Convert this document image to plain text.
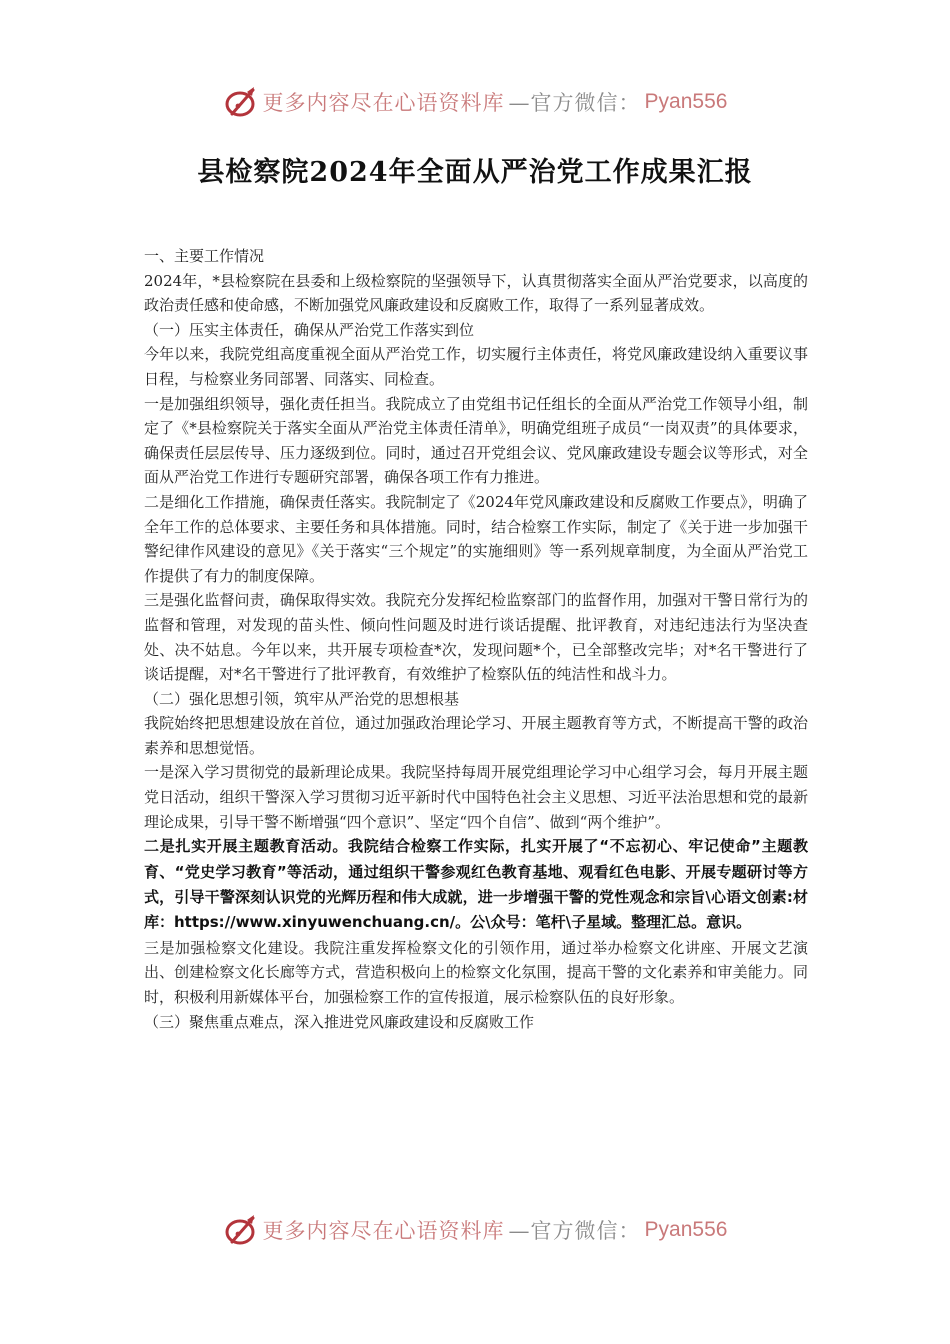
更多内容尽在心语资料库 —官方微信： Pyan556
县检察院2024年全面从严治党工作成果汇报

一、主要工作情况

2024年，*县检察院在县委和上级检察院的坚强领导下，认真贯彻落实全面从严治党要求，以高度的政治责任感和使命感，不断加强党风廉政建设和反腐败工作，取得了一系列显著成效。

（一）压实主体责任，确保从严治党工作落实到位

今年以来，我院党组高度重视全面从严治党工作，切实履行主体责任，将党风廉政建设纳入重要议事日程，与检察业务同部署、同落实、同检查。

一是加强组织领导，强化责任担当。我院成立了由党组书记任组长的全面从严治党工作领导小组，制定了《*县检察院关于落实全面从严治党主体责任清单》，明确党组班子成员“一岗双责”的具体要求，确保责任层层传导、压力逐级到位。同时，通过召开党组会议、党风廉政建设专题会议等形式，对全面从严治党工作进行专题研究部署，确保各项工作有力推进。

二是细化工作措施，确保责任落实。我院制定了《2024年党风廉政建设和反腐败工作要点》，明确了全年工作的总体要求、主要任务和具体措施。同时，结合检察工作实际，制定了《关于进一步加强干警纪律作风建设的意见》《关于落实“三个规定”的实施细则》等一系列规章制度，为全面从严治党工作提供了有力的制度保障。

三是强化监督问责，确保取得实效。我院充分发挥纪检监察部门的监督作用，加强对干警日常行为的监督和管理，对发现的苗头性、倾向性问题及时进行谈话提醒、批评教育，对违纪违法行为坚决查处、决不姑息。今年以来，共开展专项检查*次，发现问题*个，已全部整改完毕；对*名干警进行了谈话提醒，对*名干警进行了批评教育，有效维护了检察队伍的纯洁性和战斗力。

（二）强化思想引领，筑牢从严治党的思想根基

我院始终把思想建设放在首位，通过加强政治理论学习、开展主题教育等方式，不断提高干警的政治素养和思想觉悟。

一是深入学习贯彻党的最新理论成果。我院坚持每周开展党组理论学习中心组学习会，每月开展主题党日活动，组织干警深入学习贯彻习近平新时代中国特色社会主义思想、习近平法治思想和党的最新理论成果，引导干警不断增强“四个意识”、坚定“四个自信”、做到“两个维护”。

二是扎实开展主题教育活动。我院结合检察工作实际，扎实开展了“不忘初心、牢记使命”主题教育、“党史学习教育”等活动，通过组织干警参观红色教育基地、观看红色电影、开展专题研讨等方式，引导干警深刻认识党的光辉历程和伟大成就，进一步增强干警的党性观念和宗旨\心语文创素:材库：https://www.xinyuwenchuang.cn/。公\众号：笔杆\子星域。整理汇总。意识。

三是加强检察文化建设。我院注重发挥检察文化的引领作用，通过举办检察文化讲座、开展文艺演出、创建检察文化长廊等方式，营造积极向上的检察文化氛围，提高干警的文化素养和审美能力。同时，积极利用新媒体平台，加强检察工作的宣传报道，展示检察队伍的良好形象。

（三）聚焦重点难点，深入推进党风廉政建设和反腐败工作

更多内容尽在心语资料库 —官方微信： Pyan556
